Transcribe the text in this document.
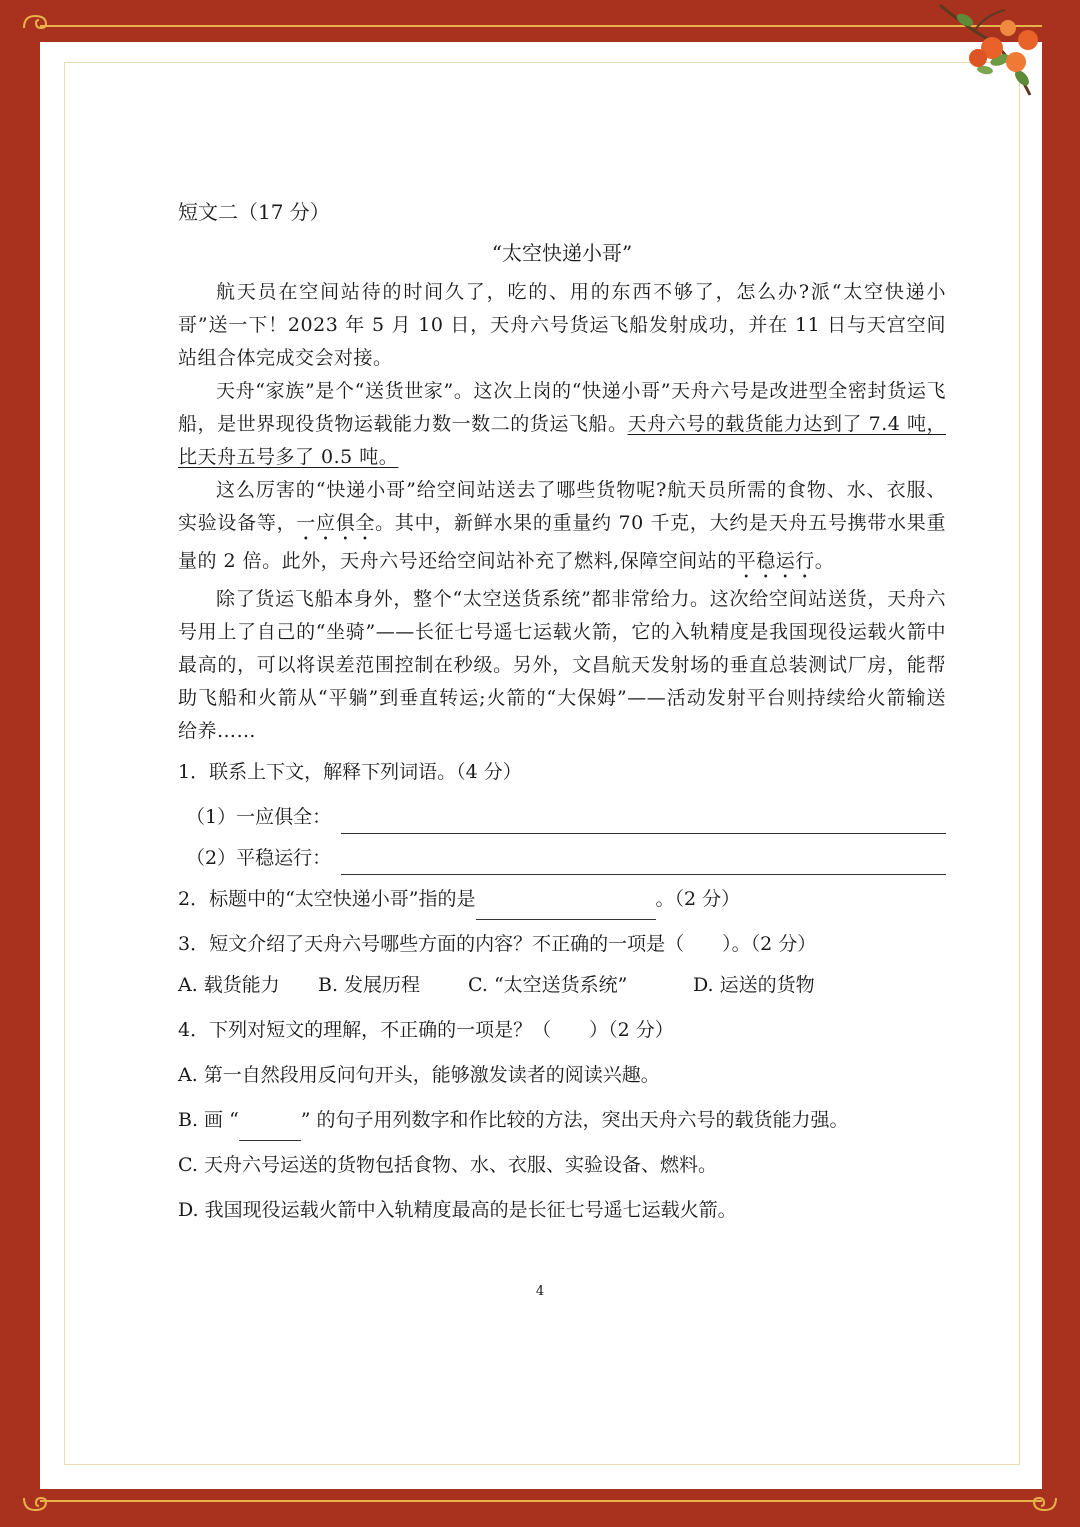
短文二（17 分）
“太空快递小哥”
航天员在空间站待的时间久了，吃的、用的东西不够了，怎么办?派“太空快递小哥”送一下！2023 年 5 月 10 日，天舟六号货运飞船发射成功，并在 11 日与天宫空间站组合体完成交会对接。
天舟“家族”是个“送货世家”。这次上岗的“快递小哥”天舟六号是改进型全密封货运飞船，是世界现役货物运载能力数一数二的货运飞船。天舟六号的载货能力达到了 7.4 吨，比天舟五号多了 0.5 吨。
这么厉害的“快递小哥”给空间站送去了哪些货物呢?航天员所需的食物、水、衣服、实验设备等，一应俱全。其中，新鲜水果的重量约 70 千克，大约是天舟五号携带水果重量的 2 倍。此外，天舟六号还给空间站补充了燃料,保障空间站的平稳运行。
除了货运飞船本身外，整个“太空送货系统”都非常给力。这次给空间站送货，天舟六号用上了自己的“坐骑”——长征七号遥七运载火箭，它的入轨精度是我国现役运载火箭中最高的，可以将误差范围控制在秒级。另外，文昌航天发射场的垂直总装测试厂房，能帮助飞船和火箭从“平躺”到垂直转运;火箭的“大保姆”——活动发射平台则持续给火箭输送给养……
1．联系上下文，解释下列词语。（4 分）
（1）一应俱全：
（2）平稳运行：
2．标题中的“太空快递小哥”指的是	。（2 分）
3．短文介绍了天舟六号哪些方面的内容？不正确的一项是（　　）。（2 分）
A. 载货能力	B. 发展历程	C. “太空送货系统”	D. 运送的货物
4．下列对短文的理解，不正确的一项是？（　　）（2 分）
A. 第一自然段用反问句开头，能够激发读者的阅读兴趣。
B. 画 “	” 的句子用列数字和作比较的方法，突出天舟六号的载货能力强。
C. 天舟六号运送的货物包括食物、水、衣服、实验设备、燃料。
D. 我国现役运载火箭中入轨精度最高的是长征七号遥七运载火箭。
4
